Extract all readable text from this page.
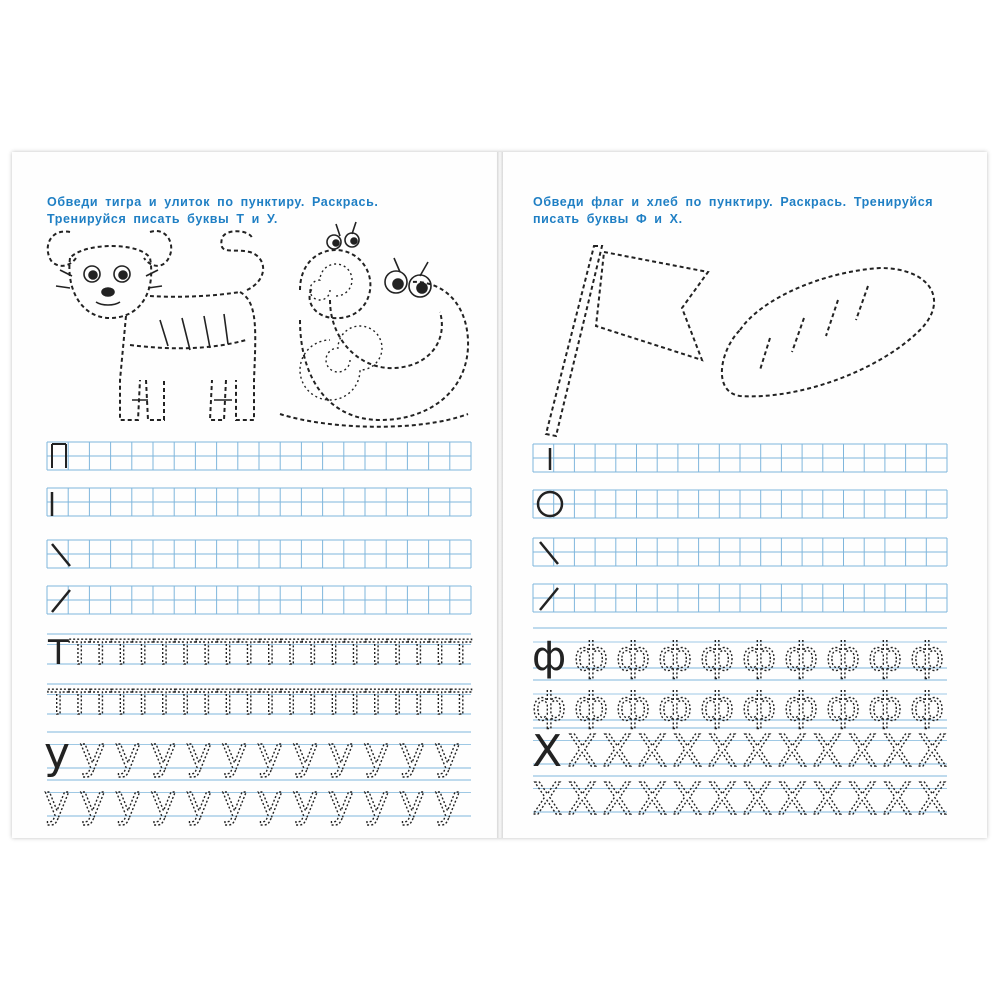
Обведи тигра и улиток по пунктиру. Раскрась.
Тренируйся писать буквы Т и У.

Обведи флаг и хлеб по пунктиру. Раскрась. Тренируйся
писать буквы Ф и Х.

Т Т Т Т Т Т Т Т Т Т Т Т Т Т Т Т Т Т Т Т
Т Т Т Т Т Т Т Т Т Т Т Т Т Т Т Т Т Т Т Т
у у у у у у у у у у у у
у у у у у у у у у у у у
ф ф ф ф ф ф ф ф ф ф
ф ф ф ф ф ф ф ф ф ф
Х Х Х Х Х Х Х Х Х Х Х Х
Х Х Х Х Х Х Х Х Х Х Х Х
